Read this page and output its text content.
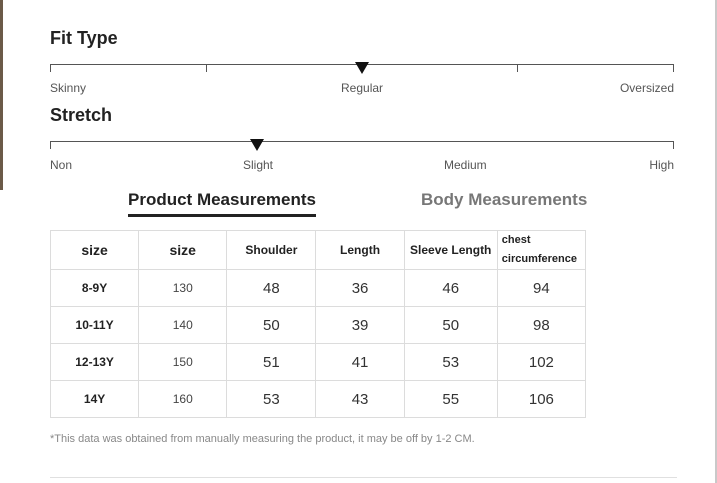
Fit Type
Skinny	Regular	Oversized
Stretch
Non	Slight	Medium	High
Product Measurements	Body Measurements
size	size	Shoulder	Length	Sleeve Length	chest
circumference
8-9Y	130	48	36	46	94
10-11Y	140	50	39	50	98
12-13Y	150	51	41	53	102
14Y	160	53	43	55	106
*This data was obtained from manually measuring the product, it may be off by 1-2 CM.
